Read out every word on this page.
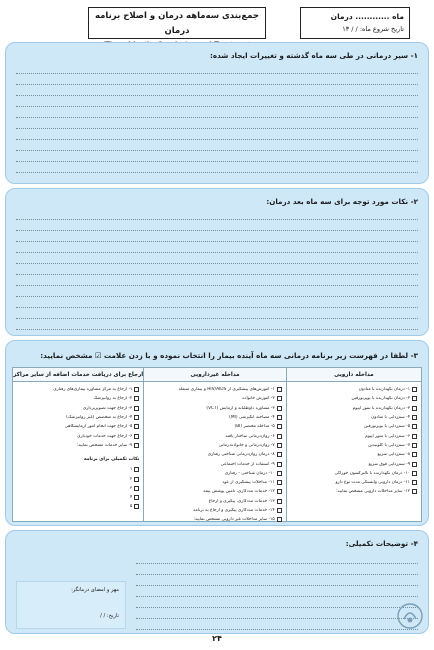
جمع‌بندی سه‌ماهه درمان و اصلاح برنامه درمان
ماه ............ درمان
تاریخ شروع ماه: / / ۱۳
۱- سیر درمانی در طی سه ماه گذشته و تغییرات ایجاد شده:
۲- نکات مورد توجه برای سه ماه بعد درمان:
۳- لطفا در فهرست زیر برنامه درمانی سه ماه آینده بیمار را انتخاب نموده و با زدن علامت ☑ مشخص نمایید:
مداخله دارویی
۱- درمان نگهدارنده با متادون
۲- درمان نگهدارنده با بوپرنورفین
۳- درمان نگهدارنده با تنتور اپیوم
۴- سم‌زدایی با متادون
۵- سم‌زدایی با بوپرنورفین
۶- سم‌زدایی با تنتور اپیوم
۷- سم‌زدایی با کلونیدین
۸- سم‌زدایی سریع
۹- سم‌زدایی فوق سریع
۱۰- درمان نگهدارنده با نالترکسون خوراکی
۱۱- درمان دارویی وابستگی مدت نوع دارو
۱۲- سایر مداخلات دارویی مشخص نمایید:
مداخله غیردارویی
۱- آموزش‌های پیشگیری از HIV/AIDS و بیماری منتقله
۲- آموزش خانواده
۳- مشاوره داوطلبانه و آزمایش (VCT)
۴- مصاحبه انگیزشی (MI)
۵- مداخله مختصر (BI)
۶- روان‌درمانی ساختار یافته
۷- روان‌درمانی و خانواده‌درمانی
۸- درمان روان‌درمانی شناختی رفتاری
۹- استفاده از خدمات اجتماعی
۱۰- درمان شناختی - رفتاری
۱۱- مداخلات پیشگیری از عود
۱۲- خدمات مددکاری، تامین پوشش بیمه
۱۳- خدمات مددکاری، پیگیری و ارجاع
۱۴- خدمات مددکاری پیگیری و ارجاع به برنامه
۱۵- سایر مداخلات غیر دارویی مشخص نمایید:
ارجاع برای دریافت خدمات اضافه از سایر مراکز
۱- ارجاع به مرکز مشاوره بیماری‌های رفتاری
۲- ارجاع به روانپزشک
۳- ارجاع جهت تصویربرداری
۴- ارجاع به متخصص (غیر روانپزشک)
۵- ارجاع جهت انجام امور آزمایشگاهی
۶- ارجاع جهت خدمات خودیاری
۷- سایر خدمات مشخص نمایید:
نکات تکمیلی برای برنامه
۱
۲
۳
۴
۵
۴- توضیحات تکمیلی:
مهر و امضای درمانگر:
تاریخ: / /
۲۴
